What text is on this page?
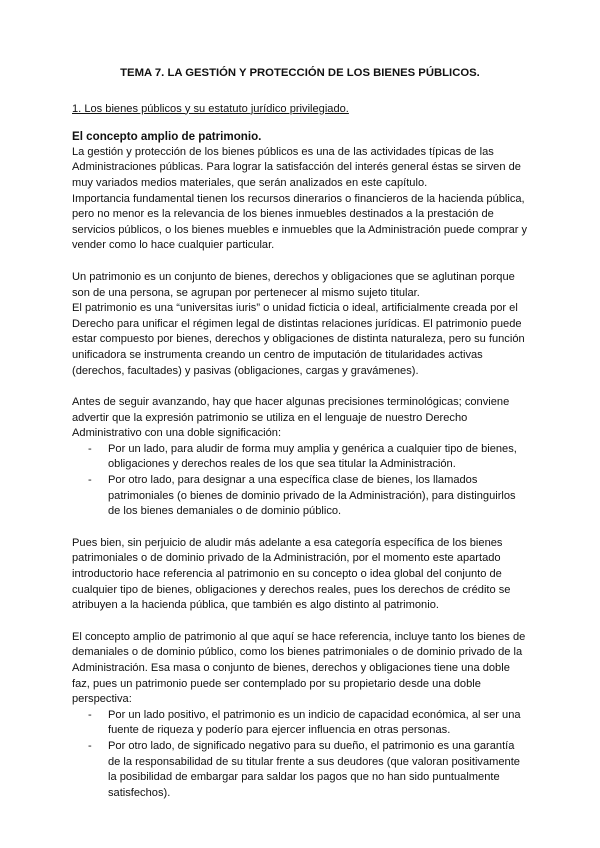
TEMA 7. LA GESTIÓN Y PROTECCIÓN DE LOS BIENES PÚBLICOS.
1. Los bienes públicos y su estatuto jurídico privilegiado.
El concepto amplio de patrimonio.

La gestión y protección de los bienes públicos es una de las actividades típicas de las Administraciones públicas. Para lograr la satisfacción del interés general éstas se sirven de muy variados medios materiales, que serán analizados en este capítulo.

Importancia fundamental tienen los recursos dinerarios o financieros de la hacienda pública, pero no menor es la relevancia de los bienes inmuebles destinados a la prestación de servicios públicos, o los bienes muebles e inmuebles que la Administración puede comprar y vender como lo hace cualquier particular.

Un patrimonio es un conjunto de bienes, derechos y obligaciones que se aglutinan porque son de una persona, se agrupan por pertenecer al mismo sujeto titular.

El patrimonio es una “universitas iuris” o unidad ficticia o ideal, artificialmente creada por el Derecho para unificar el régimen legal de distintas relaciones jurídicas. El patrimonio puede estar compuesto por bienes, derechos y obligaciones de distinta naturaleza, pero su función unificadora se instrumenta creando un centro de imputación de titularidades activas (derechos, facultades) y pasivas (obligaciones, cargas y gravámenes).

Antes de seguir avanzando, hay que hacer algunas precisiones terminológicas; conviene advertir que la expresión patrimonio se utiliza en el lenguaje de nuestro Derecho Administrativo con una doble significación:

- Por un lado, para aludir de forma muy amplia y genérica a cualquier tipo de bienes, obligaciones y derechos reales de los que sea titular la Administración.
- Por otro lado, para designar a una específica clase de bienes, los llamados patrimoniales (o bienes de dominio privado de la Administración), para distinguirlos de los bienes demaniales o de dominio público.

Pues bien, sin perjuicio de aludir más adelante a esa categoría específica de los bienes patrimoniales o de dominio privado de la Administración, por el momento este apartado introductorio hace referencia al patrimonio en su concepto o idea global del conjunto de cualquier tipo de bienes, obligaciones y derechos reales, pues los derechos de crédito se atribuyen a la hacienda pública, que también es algo distinto al patrimonio.

El concepto amplio de patrimonio al que aquí se hace referencia, incluye tanto los bienes de demaniales o de dominio público, como los bienes patrimoniales o de dominio privado de la Administración. Esa masa o conjunto de bienes, derechos y obligaciones tiene una doble faz, pues un patrimonio puede ser contemplado por su propietario desde una doble perspectiva:

- Por un lado positivo, el patrimonio es un indicio de capacidad económica, al ser una fuente de riqueza y poderío para ejercer influencia en otras personas.
- Por otro lado, de significado negativo para su dueño, el patrimonio es una garantía de la responsabilidad de su titular frente a sus deudores (que valoran positivamente la posibilidad de embargar para saldar los pagos que no han sido puntualmente satisfechos).
